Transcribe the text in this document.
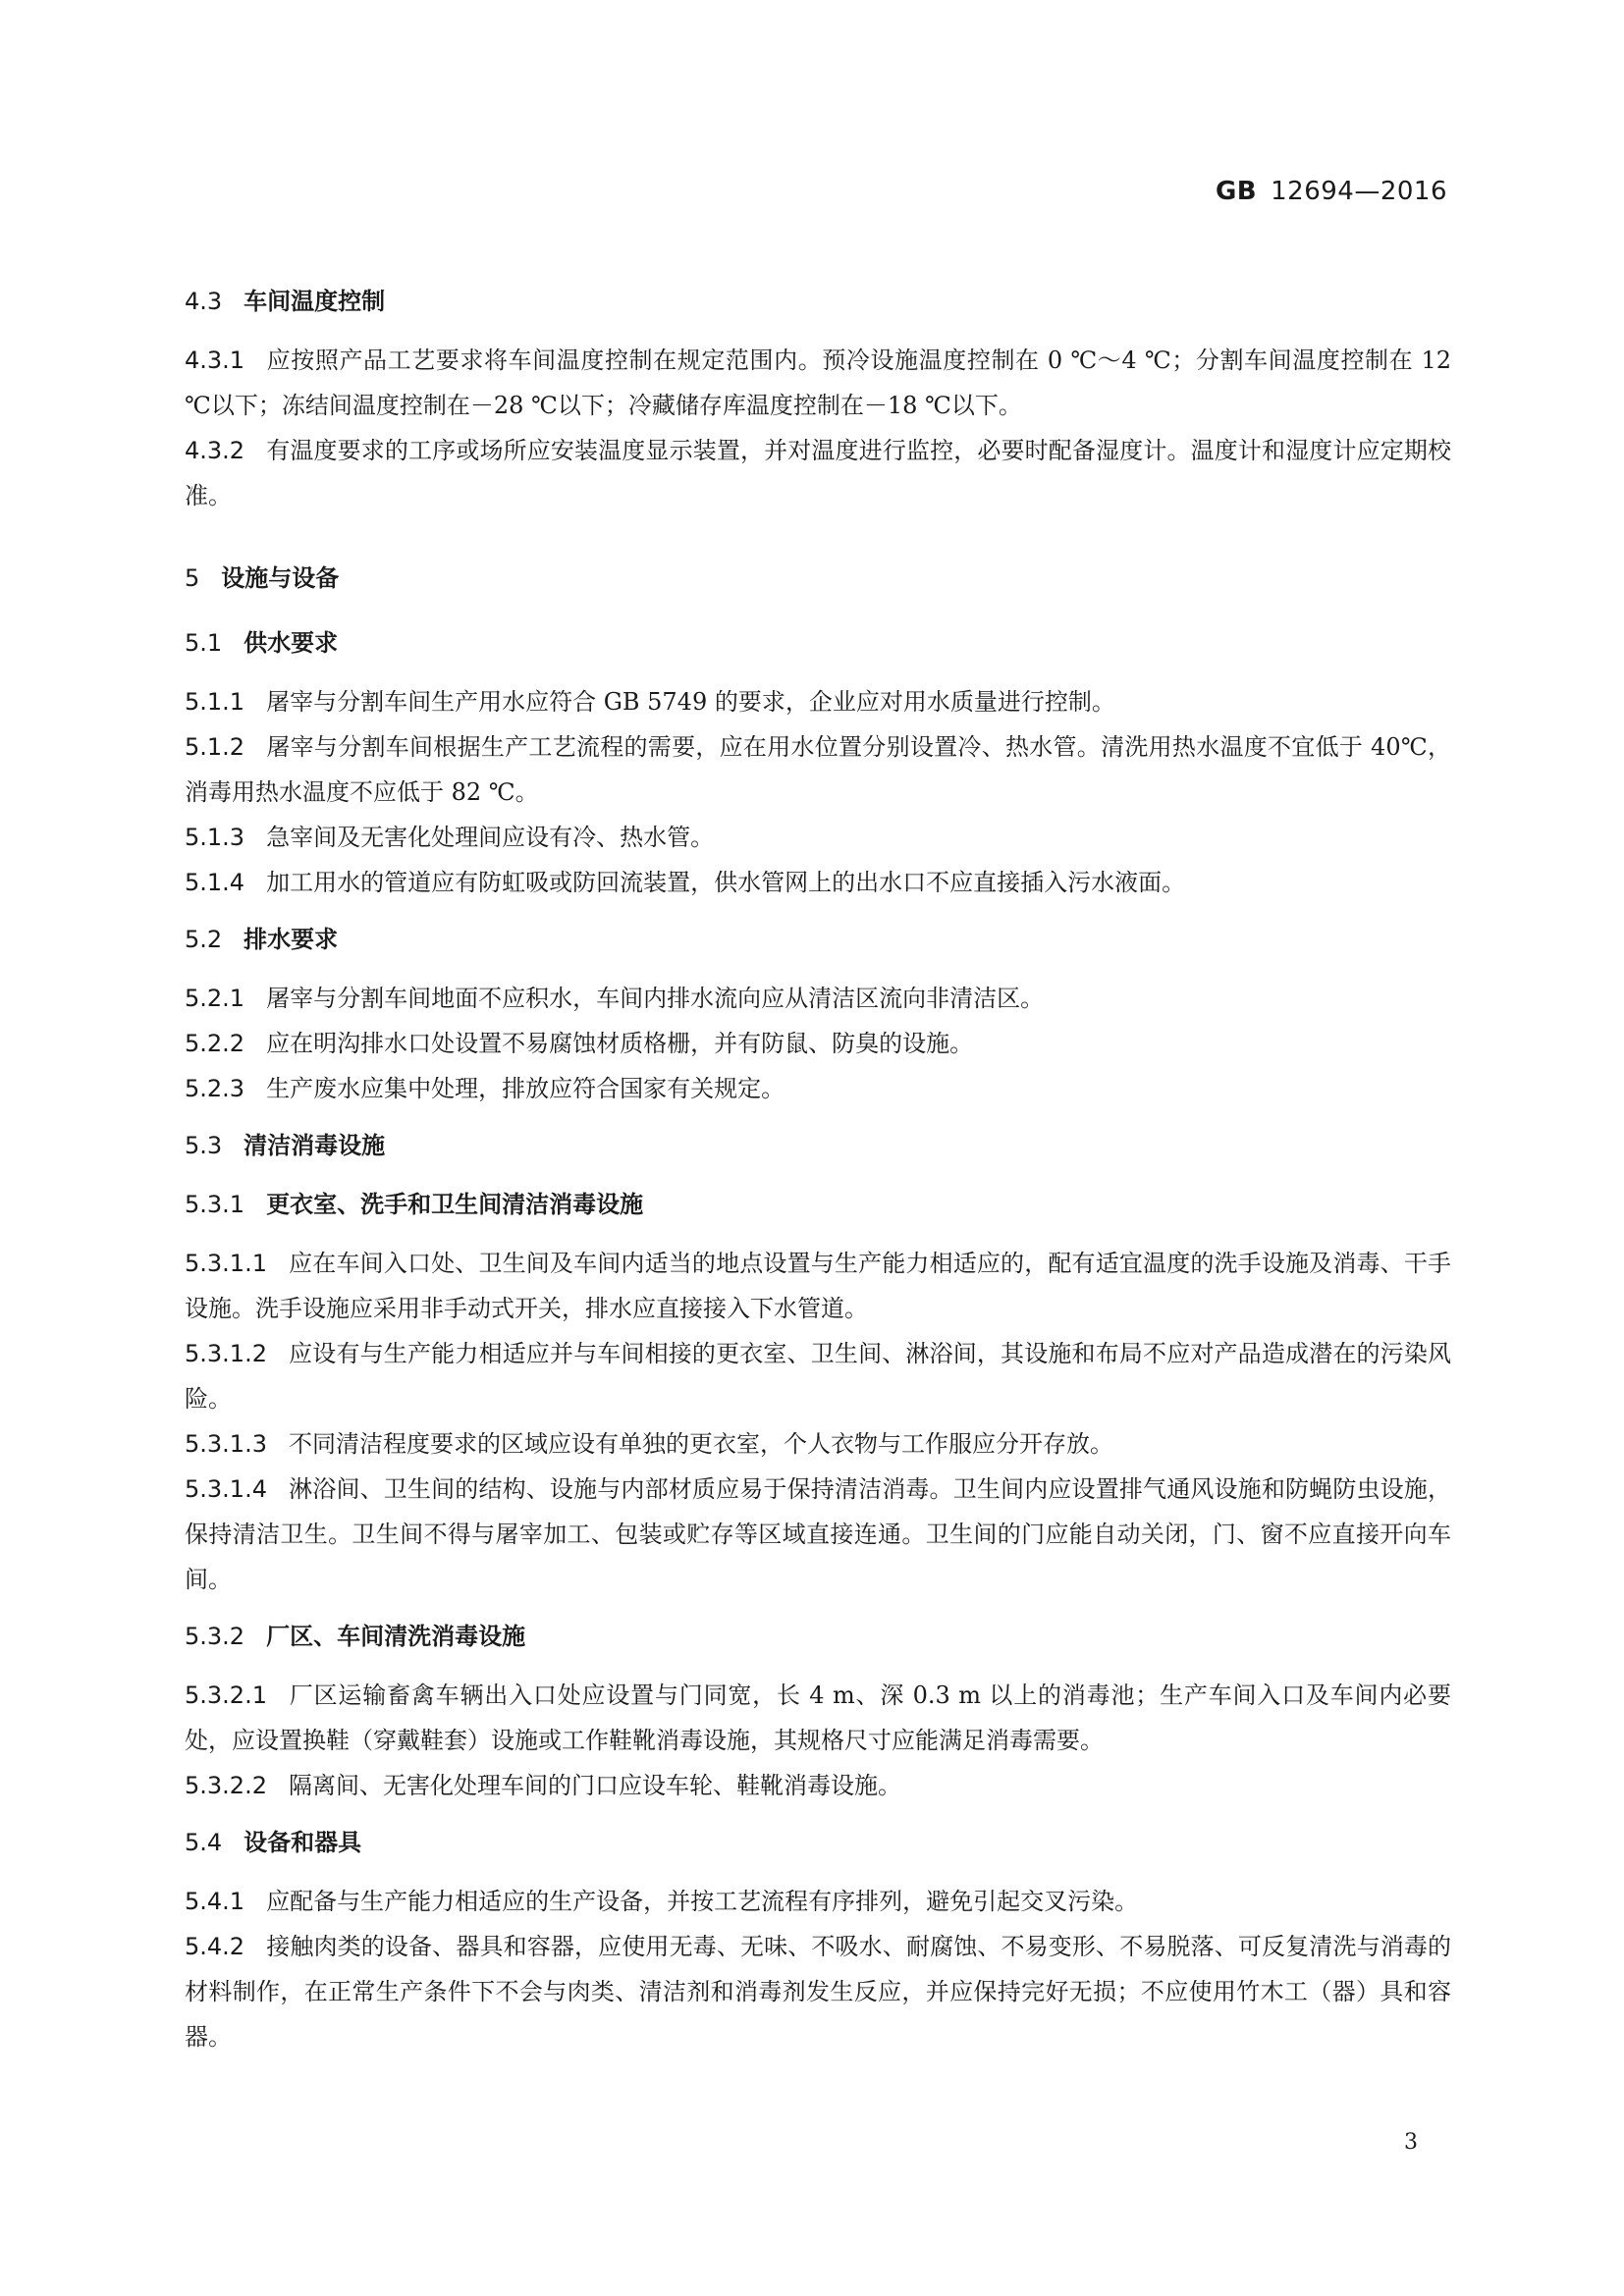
GB 12694—2016
4.3 车间温度控制
4.3.1 应按照产品工艺要求将车间温度控制在规定范围内。预冷设施温度控制在 0 ℃～4 ℃；分割车间温度控制在 12 ℃以下；冻结间温度控制在－28 ℃以下；冷藏储存库温度控制在－18 ℃以下。
4.3.2 有温度要求的工序或场所应安装温度显示装置，并对温度进行监控，必要时配备湿度计。温度计和湿度计应定期校准。
5 设施与设备
5.1 供水要求
5.1.1 屠宰与分割车间生产用水应符合 GB 5749 的要求，企业应对用水质量进行控制。
5.1.2 屠宰与分割车间根据生产工艺流程的需要，应在用水位置分别设置冷、热水管。清洗用热水温度不宜低于 40℃，消毒用热水温度不应低于 82 ℃。
5.1.3 急宰间及无害化处理间应设有冷、热水管。
5.1.4 加工用水的管道应有防虹吸或防回流装置，供水管网上的出水口不应直接插入污水液面。
5.2 排水要求
5.2.1 屠宰与分割车间地面不应积水，车间内排水流向应从清洁区流向非清洁区。
5.2.2 应在明沟排水口处设置不易腐蚀材质格栅，并有防鼠、防臭的设施。
5.2.3 生产废水应集中处理，排放应符合国家有关规定。
5.3 清洁消毒设施
5.3.1 更衣室、洗手和卫生间清洁消毒设施
5.3.1.1 应在车间入口处、卫生间及车间内适当的地点设置与生产能力相适应的，配有适宜温度的洗手设施及消毒、干手设施。洗手设施应采用非手动式开关，排水应直接接入下水管道。
5.3.1.2 应设有与生产能力相适应并与车间相接的更衣室、卫生间、淋浴间，其设施和布局不应对产品造成潜在的污染风险。
5.3.1.3 不同清洁程度要求的区域应设有单独的更衣室，个人衣物与工作服应分开存放。
5.3.1.4 淋浴间、卫生间的结构、设施与内部材质应易于保持清洁消毒。卫生间内应设置排气通风设施和防蝇防虫设施，保持清洁卫生。卫生间不得与屠宰加工、包装或贮存等区域直接连通。卫生间的门应能自动关闭，门、窗不应直接开向车间。
5.3.2 厂区、车间清洗消毒设施
5.3.2.1 厂区运输畜禽车辆出入口处应设置与门同宽，长 4 m、深 0.3 m 以上的消毒池；生产车间入口及车间内必要处，应设置换鞋（穿戴鞋套）设施或工作鞋靴消毒设施，其规格尺寸应能满足消毒需要。
5.3.2.2 隔离间、无害化处理车间的门口应设车轮、鞋靴消毒设施。
5.4 设备和器具
5.4.1 应配备与生产能力相适应的生产设备，并按工艺流程有序排列，避免引起交叉污染。
5.4.2 接触肉类的设备、器具和容器，应使用无毒、无味、不吸水、耐腐蚀、不易变形、不易脱落、可反复清洗与消毒的材料制作，在正常生产条件下不会与肉类、清洁剂和消毒剂发生反应，并应保持完好无损；不应使用竹木工（器）具和容器。
3
